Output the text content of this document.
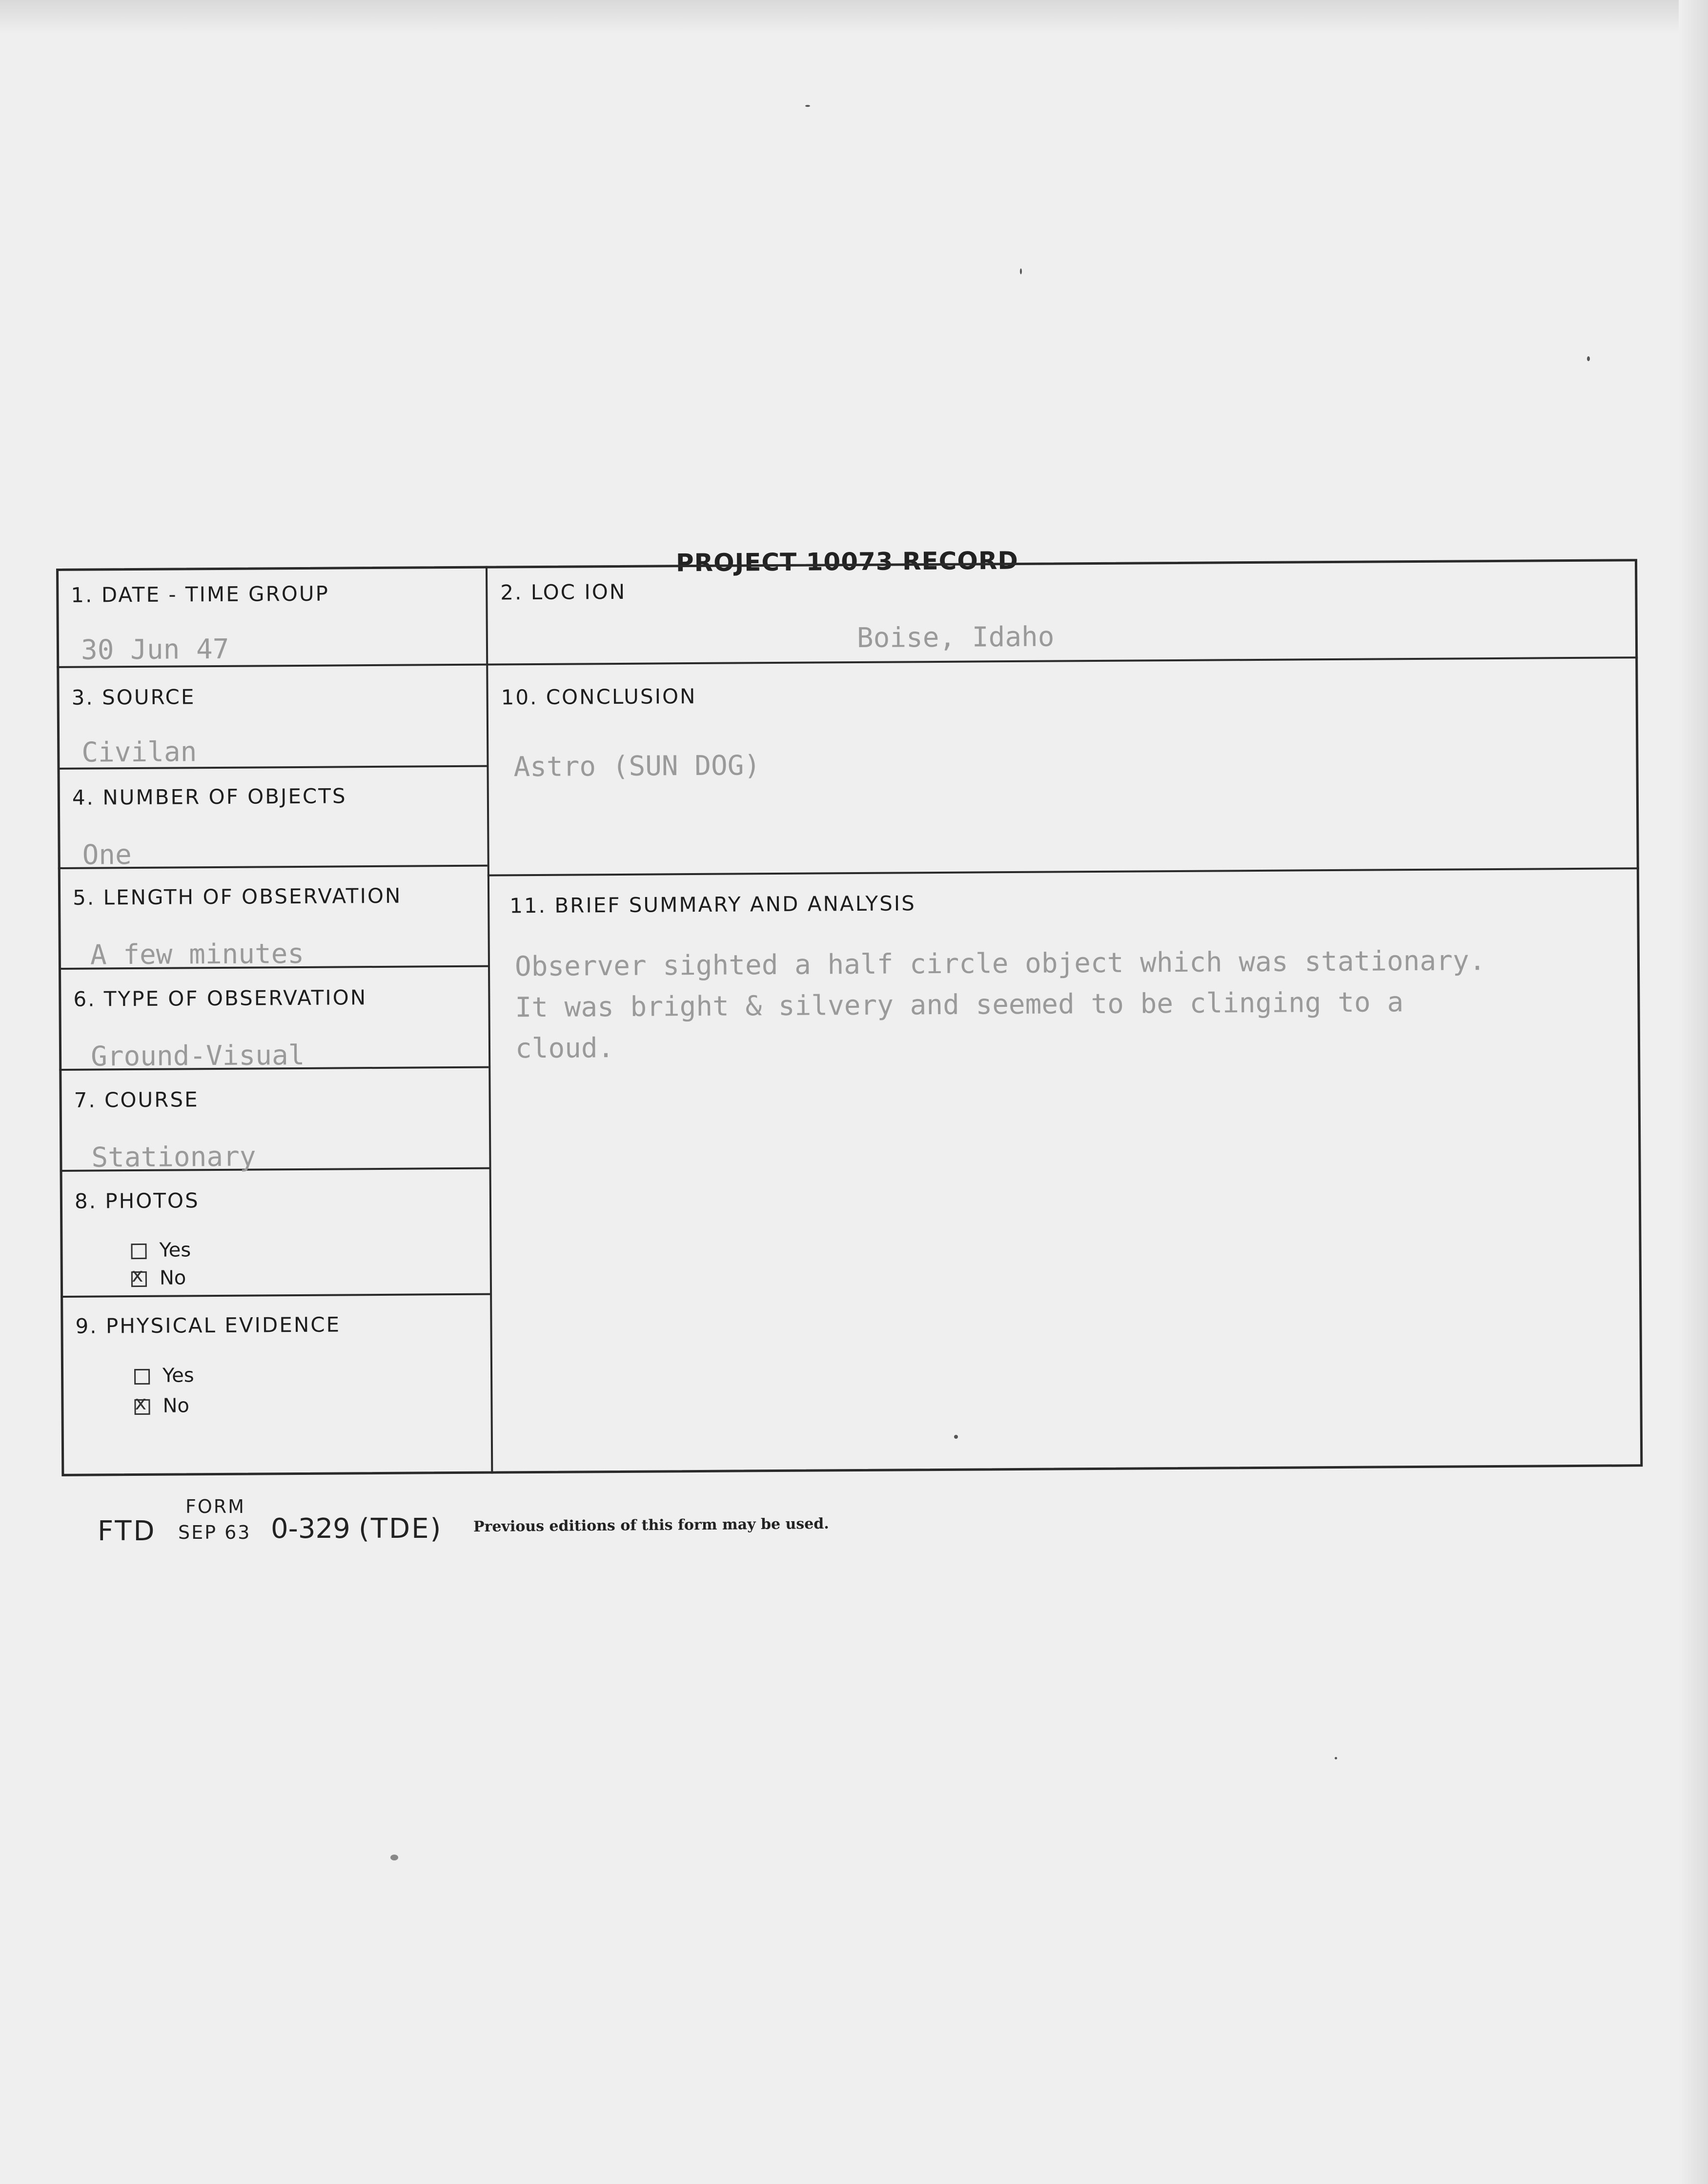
PROJECT 10073 RECORD
1. DATE - TIME GROUP
30 Jun 47
2. LOC ION
Boise, Idaho
3. SOURCE
Civilan
4. NUMBER OF OBJECTS
One
5. LENGTH OF OBSERVATION
A few minutes
6. TYPE OF OBSERVATION
Ground-Visual
7. COURSE
Stationary
8. PHOTOS
Yes
xNo
9. PHYSICAL EVIDENCE
Yes
xNo
10. CONCLUSION
Astro (SUN DOG)
11. BRIEF SUMMARY AND ANALYSIS
Observer sighted a half circle object which was stationary.
It was bright & silvery and seemed to be clinging to a
cloud.
FORM
FTD SEP 63 0-329 (TDE) Previous editions of this form may be used.
